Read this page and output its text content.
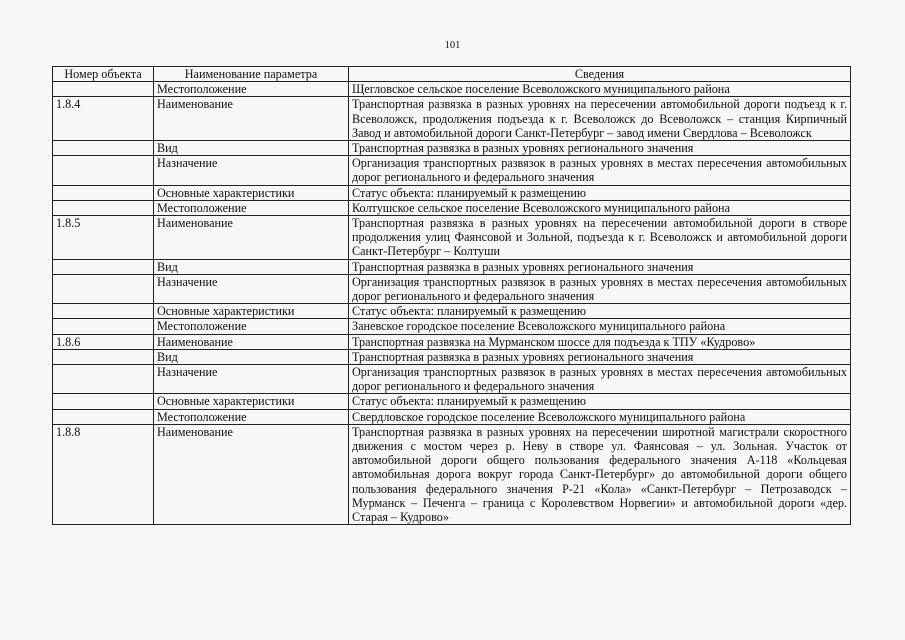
101
Номер объекта	Наименование параметра	Сведения
	Местоположение	Щегловское сельское поселение Всеволожского муниципального района
1.8.4	Наименование	Транспортная развязка в разных уровнях на пересечении автомобильной дороги подъезд к г. Всеволожск, продолжения подъезда к г. Всеволожск до Всеволожск – станция Кирпичный Завод и автомобильной дороги Санкт-Петербург – завод имени Свердлова – Всеволожск
	Вид	Транспортная развязка в разных уровнях регионального значения
	Назначение	Организация транспортных развязок в разных уровнях в местах пересечения автомобильных дорог регионального и федерального значения
	Основные характеристики	Статус объекта: планируемый к размещению
	Местоположение	Колтушское сельское поселение Всеволожского муниципального района
1.8.5	Наименование	Транспортная развязка в разных уровнях на пересечении автомобильной дороги в створе продолжения улиц Фаянсовой и Зольной, подъезда к г. Всеволожск и автомобильной дороги Санкт-Петербург – Колтуши
	Вид	Транспортная развязка в разных уровнях регионального значения
	Назначение	Организация транспортных развязок в разных уровнях в местах пересечения автомобильных дорог регионального и федерального значения
	Основные характеристики	Статус объекта: планируемый к размещению
	Местоположение	Заневское городское поселение Всеволожского муниципального района
1.8.6	Наименование	Транспортная развязка на Мурманском шоссе для подъезда к ТПУ «Кудрово»
	Вид	Транспортная развязка в разных уровнях регионального значения
	Назначение	Организация транспортных развязок в разных уровнях в местах пересечения автомобильных дорог регионального и федерального значения
	Основные характеристики	Статус объекта: планируемый к размещению
	Местоположение	Свердловское городское поселение Всеволожского муниципального района
1.8.8	Наименование	Транспортная развязка в разных уровнях на пересечении широтной магистрали скоростного движения с мостом через р. Неву в створе ул. Фаянсовая – ул. Зольная. Участок от автомобильной дороги общего пользования федерального значения А-118 «Кольцевая автомобильная дорога вокруг города Санкт-Петербург» до автомобильной дороги общего пользования федерального значения Р-21 «Кола» «Санкт-Петербург – Петрозаводск – Мурманск – Печенга – граница с Королевством Норвегии» и автомобильной дороги «дер. Старая – Кудрово»
